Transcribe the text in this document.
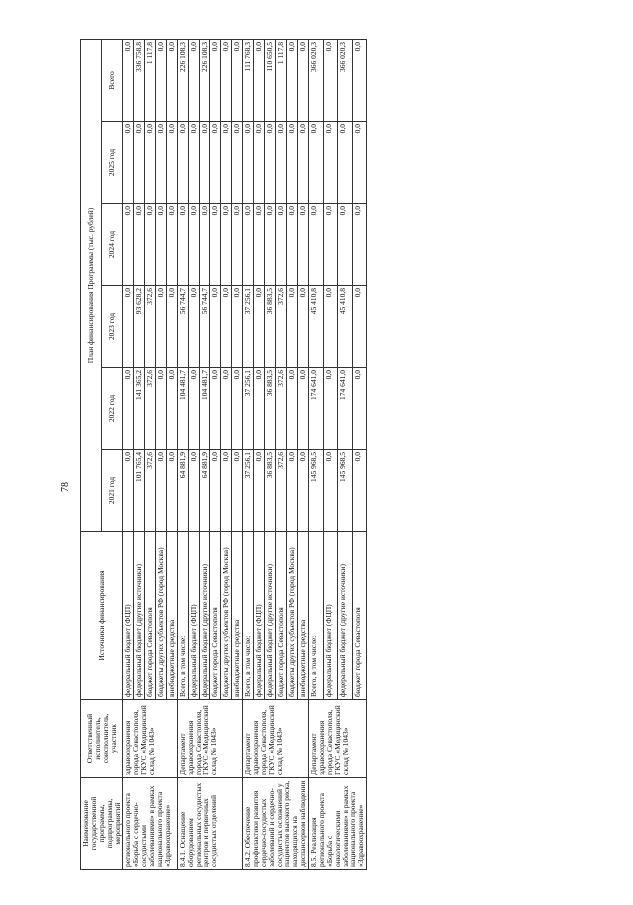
78
Наименование государственной программы, подпрограммы, мероприятий	Ответственный исполнитель, соисполнитель, участник	Источники финансирования	План финансирования Программы (тыс. рублей)					
			2021 год	2022 год	2023 год	2024 год	2025 год	Всего
регионального проекта «Борьба с сердечно-сосудистыми заболеваниями» в рамках национального проекта «Здравоохранение»	здравоохранения города Севастополя, ГКУС «Медицинский склад № 1043»	федеральный бюджет (ФЦП)	0,0	0,0	0,0	0,0	0,0	0,0
		федеральный бюджет (другие источники)	101 765,4	141 365,2	93 628,2	0,0	0,0	336 758,8
		бюджет города Севастополя	372,6	372,6	372,6	0,0	0,0	1 117,8
		бюджеты других субъектов РФ (город Москва)	0,0	0,0	0,0	0,0	0,0	0,0
		внебюджетные средства	0,0	0,0	0,0	0,0	0,0	0,0
8.4.1. Оснащение оборудованием региональных сосудистых центров и первичных сосудистых отделений	Департамент здравоохранения города Севастополя, ГКУС «Медицинский склад № 1043»	Всего, в том числе:	64 881,9	104 481,7	56 744,7	0,0	0,0	226 108,3
		федеральный бюджет (ФЦП)	0,0	0,0	0,0	0,0	0,0	0,0
		федеральный бюджет (другие источники)	64 881,9	104 481,7	56 744,7	0,0	0,0	226 108,3
		бюджет города Севастополя	0,0	0,0	0,0	0,0	0,0	0,0
		бюджеты других субъектов РФ (город Москва)	0,0	0,0	0,0	0,0	0,0	0,0
		внебюджетные средства	0,0	0,0	0,0	0,0	0,0	0,0
8.4.2. Обеспечение профилактики развития сердечно-сосудистых заболеваний и сердечно-сосудистых осложнений у пациентов высокого риска, находящихся на диспансерном наблюдении	Департамент здравоохранения города Севастополя, ГКУС «Медицинский склад № 1043»	Всего, в том числе:	37 256,1	37 256,1	37 256,1	0,0	0,0	111 768,3
		федеральный бюджет (ФЦП)	0,0	0,0	0,0	0,0	0,0	0,0
		федеральный бюджет (другие источники)	36 883,5	36 883,5	36 883,5	0,0	0,0	110 650,5
		бюджет города Севастополя	372,6	372,6	372,6	0,0	0,0	1 117,8
		бюджеты других субъектов РФ (город Москва)	0,0	0,0	0,0	0,0	0,0	0,0
		внебюджетные средства	0,0	0,0	0,0	0,0	0,0	0,0
8.5. Реализация регионального проекта «Борьба с онкологическими заболеваниями» в рамках национального проекта «Здравоохранение»	Департамент здравоохранения города Севастополя, ГКУС «Медицинский склад № 1043»	Всего, в том числе:	145 968,5	174 641,0	45 410,8	0,0	0,0	366 020,3
		федеральный бюджет (ФЦП)	0,0	0,0	0,0	0,0	0,0	0,0
		федеральный бюджет (другие источники)	145 968,5	174 641,0	45 410,8	0,0	0,0	366 020,3
		бюджет города Севастополя	0,0	0,0	0,0	0,0	0,0	0,0
